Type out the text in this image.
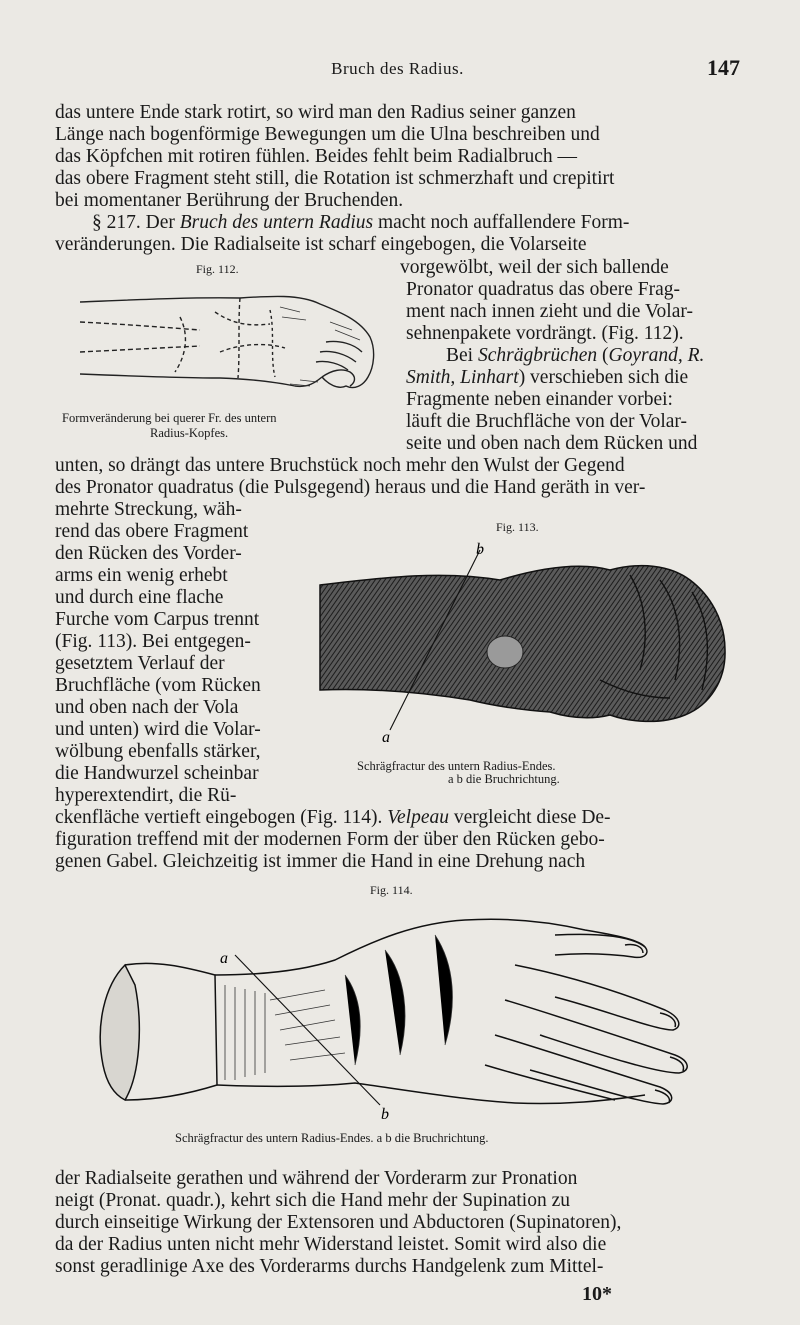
Bruch des Radius.	147
das untere Ende stark rotirt, so wird man den Radius seiner ganzen
Länge nach bogenförmige Bewegungen um die Ulna beschreiben und
das Köpfchen mit rotiren fühlen. Beides fehlt beim Radialbruch —
das obere Fragment steht still, die Rotation ist schmerzhaft und crepitirt
bei momentaner Berührung der Bruchenden.
§ 217. Der Bruch des untern Radius macht noch auffallendere Form-
veränderungen. Die Radialseite ist scharf eingebogen, die Volarseite
Fig. 112.
Formveränderung bei querer Fr. des untern
Radius-Kopfes.
vorgewölbt, weil der sich ballende
Pronator quadratus das obere Frag-
ment nach innen zieht und die Volar-
sehnenpakete vordrängt. (Fig. 112).
Bei Schrägbrüchen (Goyrand, R.
Smith, Linhart) verschieben sich die
Fragmente neben einander vorbei:
läuft die Bruchfläche von der Volar-
seite und oben nach dem Rücken und
unten, so drängt das untere Bruchstück noch mehr den Wulst der Gegend
des Pronator quadratus (die Pulsgegend) heraus und die Hand geräth in ver-
mehrte Streckung, wäh-
rend das obere Fragment
den Rücken des Vorder-
arms ein wenig erhebt
und durch eine flache
Furche vom Carpus trennt
(Fig. 113). Bei entgegen-
gesetztem Verlauf der
Bruchfläche (vom Rücken
und oben nach der Vola
und unten) wird die Volar-
wölbung ebenfalls stärker,
die Handwurzel scheinbar
hyperextendirt, die Rü-
Fig. 113.
b
a
Schrägfractur des untern Radius-Endes.
a b die Bruchrichtung.
ckenfläche vertieft eingebogen (Fig. 114). Velpeau vergleicht diese De-
figuration treffend mit der modernen Form der über den Rücken gebo-
genen Gabel. Gleichzeitig ist immer die Hand in eine Drehung nach
Fig. 114.
a
b
Schrägfractur des untern Radius-Endes. a b die Bruchrichtung.
der Radialseite gerathen und während der Vorderarm zur Pronation
neigt (Pronat. quadr.), kehrt sich die Hand mehr der Supination zu
durch einseitige Wirkung der Extensoren und Abductoren (Supinatoren),
da der Radius unten nicht mehr Widerstand leistet. Somit wird also die
sonst geradlinige Axe des Vorderarms durchs Handgelenk zum Mittel-
10*
